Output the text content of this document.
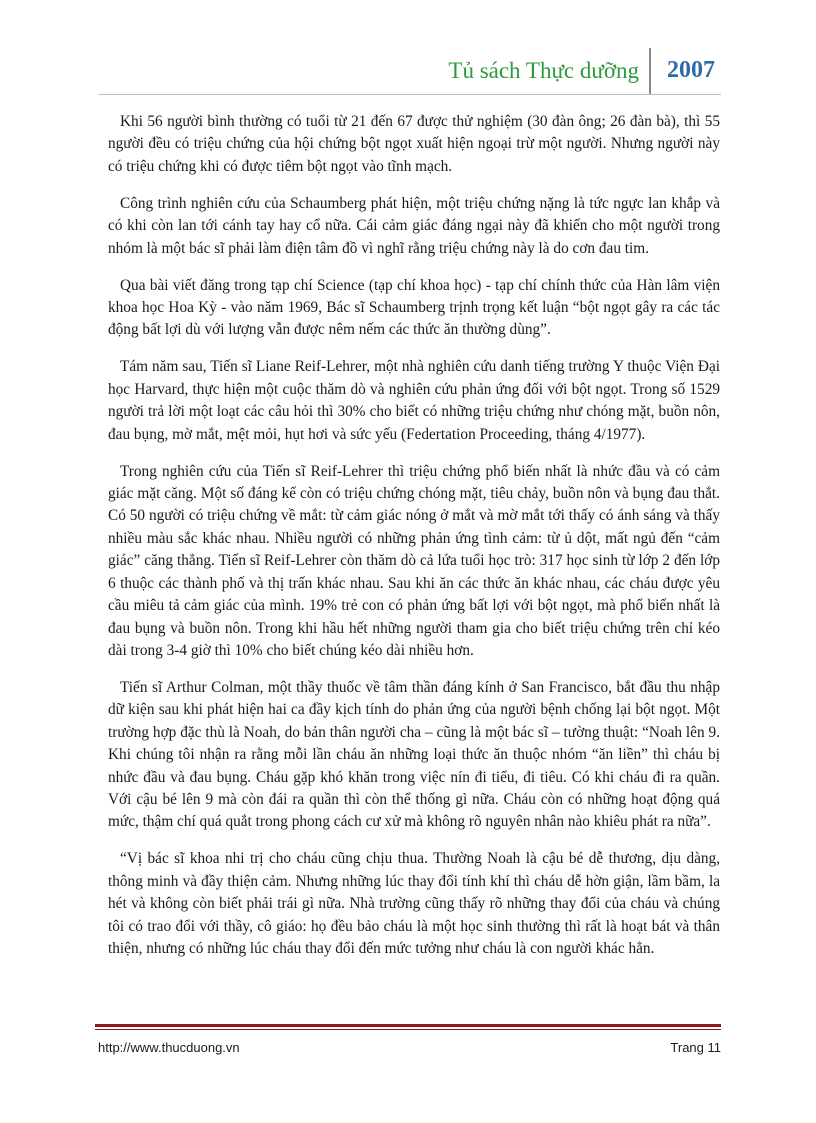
Tủ sách Thực dưỡng 2007

Khi 56 người bình thường có tuổi từ 21 đến 67 được thử nghiệm (30 đàn ông; 26 đàn bà), thì 55 người đều có triệu chứng của hội chứng bột ngọt xuất hiện ngoại trừ một người. Nhưng người này có triệu chứng khi có được tiêm bột ngọt vào tĩnh mạch.

Công trình nghiên cứu của Schaumberg phát hiện, một triệu chứng nặng là tức ngực lan khắp và có khi còn lan tới cánh tay hay cổ nữa. Cái cảm giác đáng ngại này đã khiến cho một người trong nhóm là một bác sĩ phải làm điện tâm đồ vì nghĩ rằng triệu chứng này là do cơn đau tim.

Qua bài viết đăng trong tạp chí Science (tạp chí khoa học) - tạp chí chính thức của Hàn lâm viện khoa học Hoa Kỳ - vào năm 1969, Bác sĩ Schaumberg trịnh trọng kết luận “bột ngọt gây ra các tác động bất lợi dù với lượng vẫn được nêm nếm các thức ăn thường dùng”.

Tám năm sau, Tiến sĩ Liane Reif-Lehrer, một nhà nghiên cứu danh tiếng trường Y thuộc Viện Đại học Harvard, thực hiện một cuộc thăm dò và nghiên cứu phản ứng đối với bột ngọt. Trong số 1529 người trả lời một loạt các câu hỏi thì 30% cho biết có những triệu chứng như chóng mặt, buồn nôn, đau bụng, mờ mắt, mệt mỏi, hụt hơi và sức yếu (Federtation Proceeding, tháng 4/1977).

Trong nghiên cứu của Tiến sĩ Reif-Lehrer thì triệu chứng phổ biến nhất là nhức đầu và có cảm giác mặt căng. Một số đáng kể còn có triệu chứng chóng mặt, tiêu chảy, buồn nôn và bụng đau thắt. Có 50 người có triệu chứng về mắt: từ cảm giác nóng ở mắt và mờ mắt tới thấy có ánh sáng và thấy nhiều màu sắc khác nhau. Nhiều người có những phản ứng tình cảm: từ ủ dột, mất ngủ đến “cảm giác” căng thẳng. Tiến sĩ Reif-Lehrer còn thăm dò cả lứa tuổi học trò: 317 học sinh từ lớp 2 đến lớp 6 thuộc các thành phố và thị trấn khác nhau. Sau khi ăn các thức ăn khác nhau, các cháu được yêu cầu miêu tả cảm giác của mình. 19% trẻ con có phản ứng bất lợi với bột ngọt, mà phổ biến nhất là đau bụng và buồn nôn. Trong khi hầu hết những người tham gia cho biết triệu chứng trên chỉ kéo dài trong 3-4 giờ thì 10% cho biết chúng kéo dài nhiều hơn.

Tiến sĩ Arthur Colman, một thầy thuốc về tâm thần đáng kính ở San Francisco, bắt đầu thu nhập dữ kiện sau khi phát hiện hai ca đầy kịch tính do phản ứng của người bệnh chống lại bột ngọt. Một trường hợp đặc thù là Noah, do bản thân người cha – cũng là một bác sĩ – tường thuật: “Noah lên 9. Khi chúng tôi nhận ra rằng mỗi lần cháu ăn những loại thức ăn thuộc nhóm “ăn liền” thì cháu bị nhức đầu và đau bụng. Cháu gặp khó khăn trong việc nín đi tiểu, đi tiêu. Có khi cháu đi ra quần. Với cậu bé lên 9 mà còn đái ra quần thì còn thể thống gì nữa. Cháu còn có những hoạt động quá mức, thậm chí quá quắt trong phong cách cư xử mà không rõ nguyên nhân nào khiêu phát ra nữa”.

“Vị bác sĩ khoa nhi trị cho cháu cũng chịu thua. Thường Noah là cậu bé dễ thương, dịu dàng, thông minh và đầy thiện cảm. Nhưng những lúc thay đổi tính khí thì cháu dễ hờn giận, lầm bầm, la hét và không còn biết phải trái gì nữa. Nhà trường cũng thấy rõ những thay đổi của cháu và chúng tôi có trao đổi với thầy, cô giáo: họ đều bảo cháu là một học sinh thường thì rất là hoạt bát và thân thiện, nhưng có những lúc cháu thay đổi đến mức tưởng như cháu là con người khác hẳn.

http://www.thucduong.vn	Trang 11
